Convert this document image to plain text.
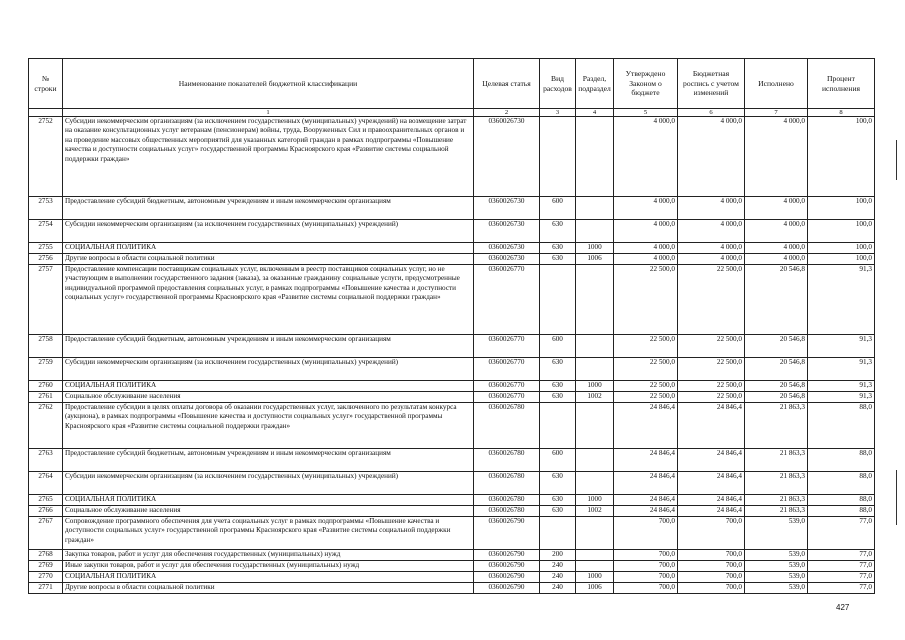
№ строки	Наименование показателей бюджетной классификации	Целевая статья	Вид расходов	Раздел, подраздел	Утверждено Законом о бюджете	Бюджетная роспись с учетом изменений	Исполнено	Процент исполнения
	1	2	3	4	5	6	7	8
2752	Субсидии некоммерческим организациям (за исключением государственных (муниципальных) учреждений) на возмещение затрат на оказание консультационных услуг ветеранам (пенсионерам) войны, труда, Вооруженных Сил и правоохранительных органов и на проведение массовых общественных мероприятий для указанных категорий граждан в рамках подпрограммы «Повышение качества и доступности социальных услуг» государственной программы Красноярского края «Развитие системы социальной поддержки граждан»	0360026730			4 000,0	4 000,0	4 000,0	100,0
2753	Предоставление субсидий бюджетным, автономным учреждениям и иным некоммерческим организациям	0360026730	600		4 000,0	4 000,0	4 000,0	100,0
2754	Субсидии некоммерческим организациям (за исключением государственных (муниципальных) учреждений)	0360026730	630		4 000,0	4 000,0	4 000,0	100,0
2755	СОЦИАЛЬНАЯ ПОЛИТИКА	0360026730	630	1000	4 000,0	4 000,0	4 000,0	100,0
2756	Другие вопросы в области социальной политики	0360026730	630	1006	4 000,0	4 000,0	4 000,0	100,0
2757	Предоставление компенсации поставщикам социальных услуг, включенным в реестр поставщиков социальных услуг, но не участвующим в выполнении государственного задания (заказа), за оказанные гражданину социальные услуги, предусмотренные индивидуальной программой предоставления социальных услуг, в рамках подпрограммы «Повышение качества и доступности социальных услуг» государственной программы Красноярского края «Развитие системы социальной поддержки граждан»	0360026770			22 500,0	22 500,0	20 546,8	91,3
2758	Предоставление субсидий бюджетным, автономным учреждениям и иным некоммерческим организациям	0360026770	600		22 500,0	22 500,0	20 546,8	91,3
2759	Субсидии некоммерческим организациям (за исключением государственных (муниципальных) учреждений)	0360026770	630		22 500,0	22 500,0	20 546,8	91,3
2760	СОЦИАЛЬНАЯ ПОЛИТИКА	0360026770	630	1000	22 500,0	22 500,0	20 546,8	91,3
2761	Социальное обслуживание населения	0360026770	630	1002	22 500,0	22 500,0	20 546,8	91,3
2762	Предоставление субсидии в целях оплаты договора об оказании государственных услуг, заключенного по результатам конкурса (аукциона), в рамках подпрограммы «Повышение качества и доступности социальных услуг» государственной программы Красноярского края «Развитие системы социальной поддержки граждан»	0360026780			24 846,4	24 846,4	21 863,3	88,0
2763	Предоставление субсидий бюджетным, автономным учреждениям и иным некоммерческим организациям	0360026780	600		24 846,4	24 846,4	21 863,3	88,0
2764	Субсидии некоммерческим организациям (за исключением государственных (муниципальных) учреждений)	0360026780	630		24 846,4	24 846,4	21 863,3	88,0
2765	СОЦИАЛЬНАЯ ПОЛИТИКА	0360026780	630	1000	24 846,4	24 846,4	21 863,3	88,0
2766	Социальное обслуживание населения	0360026780	630	1002	24 846,4	24 846,4	21 863,3	88,0
2767	Сопровождение программного обеспечения для учета социальных услуг в рамках подпрограммы «Повышение качества и доступности социальных услуг» государственной программы Красноярского края «Развитие системы социальной поддержки граждан»	0360026790			700,0	700,0	539,0	77,0
2768	Закупка товаров, работ и услуг для обеспечения государственных (муниципальных) нужд	0360026790	200		700,0	700,0	539,0	77,0
2769	Иные закупки товаров, работ и услуг для обеспечения государственных (муниципальных) нужд	0360026790	240		700,0	700,0	539,0	77,0
2770	СОЦИАЛЬНАЯ ПОЛИТИКА	0360026790	240	1000	700,0	700,0	539,0	77,0
2771	Другие вопросы в области социальной политики	0360026790	240	1006	700,0	700,0	539,0	77,0
427
